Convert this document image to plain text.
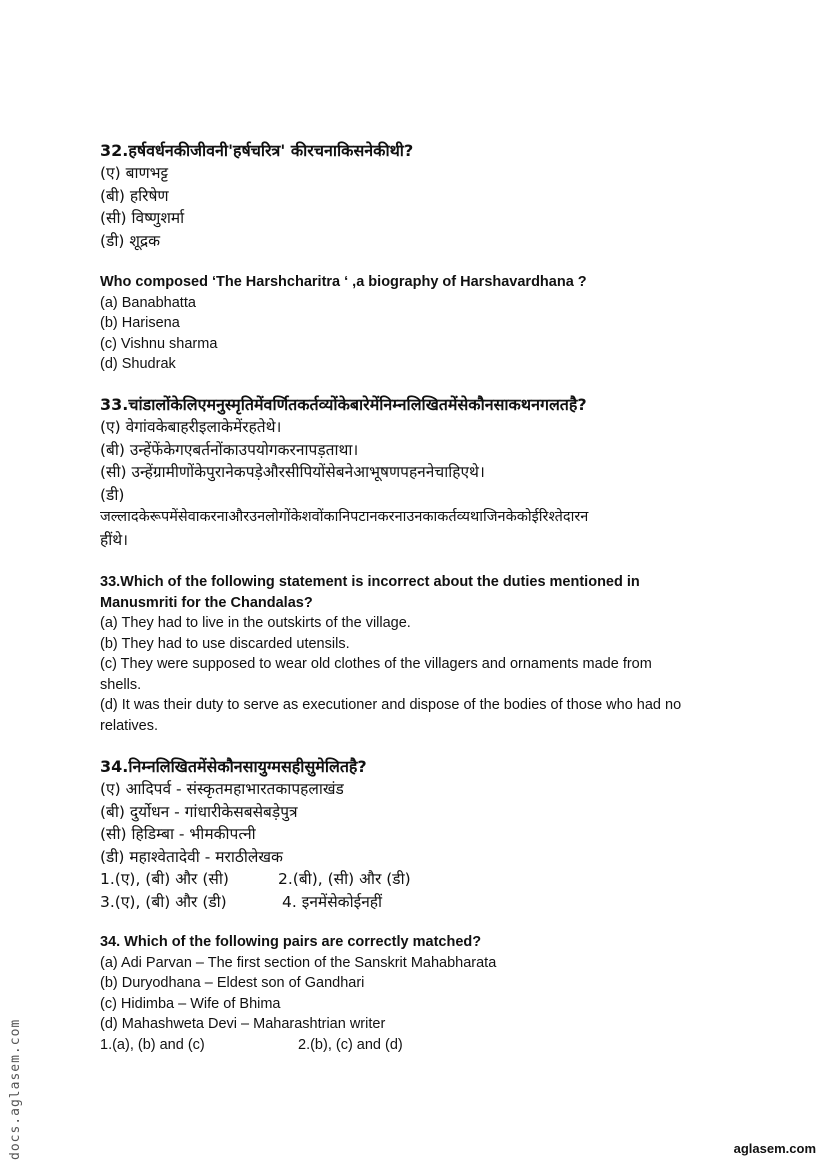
32.हर्षवर्धनकीजीवनी'हर्षचरित्र' कीरचनाकिसनेकीथी?

(ए) बाणभट्ट

(बी) हरिषेण

(सी) विष्णुशर्मा

(डी) शूद्रक

Who composed ‘The Harshcharitra ‘ ,a biography of Harshavardhana ?

(a) Banabhatta

(b) Harisena

(c) Vishnu sharma

(d) Shudrak

33.चांडालोंकेलिएमनुस्मृतिमेंवर्णितकर्तव्योंकेबारेमेंनिम्नलिखितमेंसेकौनसाकथनगलतहै?

(ए) वेगांवकेबाहरीइलाकेमेंरहतेथे।

(बी) उन्हेंफेंकेगएबर्तनोंकाउपयोगकरनापड़ताथा।

(सी) उन्हेंग्रामीणोंकेपुरानेकपड़ेऔरसीपियोंसेबनेआभूषणपहननेचाहिएथे।

(डी)

जल्लादकेरूपमेंसेवाकरनाऔरउनलोगोंकेशवोंकानिपटानकरनाउनकाकर्तव्यथाजिनकेकोईरिश्तेदारन

हींथे।

33.Which of the following statement is incorrect about the duties mentioned in

Manusmriti for the Chandalas?

(a) They had to live in the outskirts of the village.

(b) They had to use discarded utensils.

(c) They were supposed to wear old clothes of the villagers and ornaments made from

shells.

(d) It was their duty to serve as executioner and dispose of the bodies of those who had no

relatives.

34.निम्नलिखितमेंसेकौनसायुग्मसहीसुमेलितहै?

(ए) आदिपर्व - संस्कृतमहाभारतकापहलाखंड

(बी) दुर्योधन - गांधारीकेसबसेबड़ेपुत्र

(सी) हिडिम्बा - भीमकीपत्नी

(डी) महाश्वेतादेवी - मराठीलेखक

1.(ए), (बी) और (सी)	2.(बी), (सी) और (डी)
3.(ए), (बी) और (डी)	4. इनमेंसेकोईनहीं

34. Which of the following pairs are correctly matched?

(a) Adi Parvan – The first section of the Sanskrit Mahabharata

(b) Duryodhana – Eldest son of Gandhari

(c) Hidimba – Wife of Bhima

(d) Mahashweta Devi – Maharashtrian writer

1.(a), (b) and (c)	2.(b), (c) and (d)
docs.aglasem.com	aglasem.com
